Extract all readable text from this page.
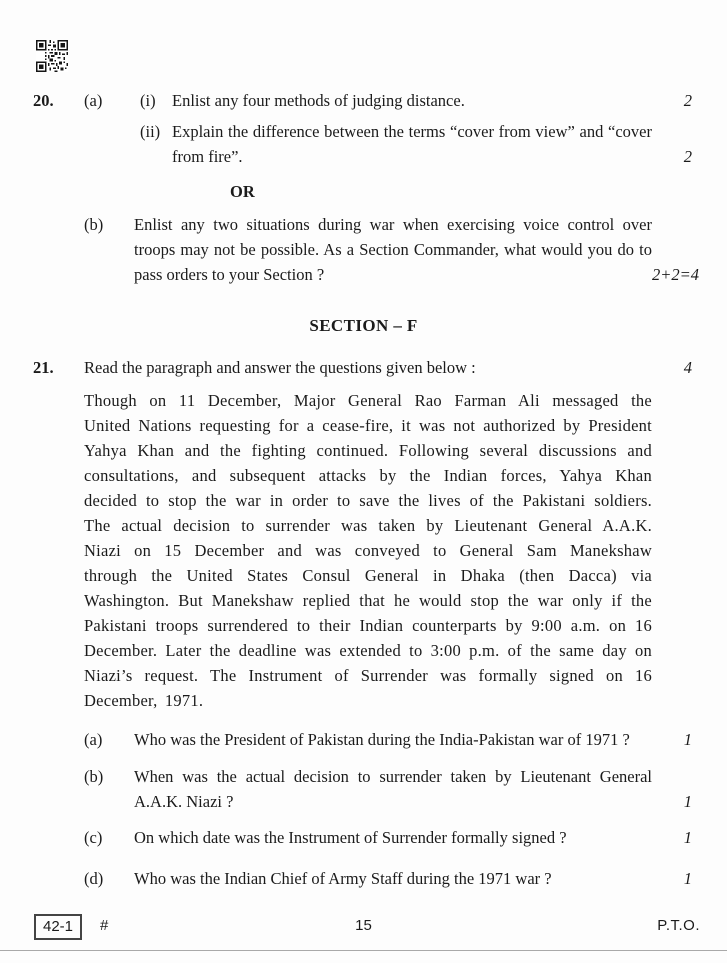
20.	(a)	(i) Enlist any four methods of judging distance.	2
(ii) Explain the difference between the terms “cover from view” and “cover from fire”.	2
OR
(b)	Enlist any two situations during war when exercising voice control over troops may not be possible. As a Section Commander, what would you do to pass orders to your Section ?	2+2=4
SECTION – F
21.	Read the paragraph and answer the questions given below :	4
Though on 11 December, Major General Rao Farman Ali messaged the United Nations requesting for a cease-fire, it was not authorized by President Yahya Khan and the fighting continued. Following several discussions and consultations, and subsequent attacks by the Indian forces, Yahya Khan decided to stop the war in order to save the lives of the Pakistani soldiers. The actual decision to surrender was taken by Lieutenant General A.A.K. Niazi on 15 December and was conveyed to General Sam Manekshaw through the United States Consul General in Dhaka (then Dacca) via Washington. But Manekshaw replied that he would stop the war only if the Pakistani troops surrendered to their Indian counterparts by 9:00 a.m. on 16 December. Later the deadline was extended to 3:00 p.m. of the same day on Niazi’s request. The Instrument of Surrender was formally signed on 16 December, 1971.
(a)	Who was the President of Pakistan during the India-Pakistan war of 1971 ?	1
(b)	When was the actual decision to surrender taken by Lieutenant General A.A.K. Niazi ?	1
(c)	On which date was the Instrument of Surrender formally signed ?	1
(d)	Who was the Indian Chief of Army Staff during the 1971 war ?	1
42-1	#	15	P.T.O.
